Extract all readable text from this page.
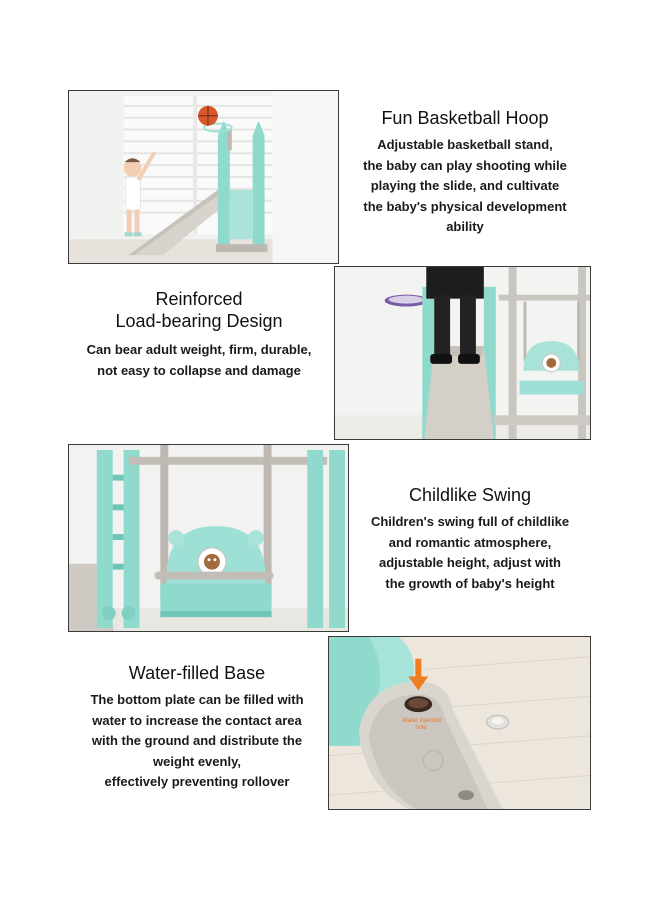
Fun Basketball Hoop

Adjustable basketball stand,
the baby can play shooting while
playing the slide, and cultivate
the baby's physical development
ability

Reinforced
Load-bearing Design

Can bear adult weight, firm, durable,
not easy to collapse and damage

Childlike Swing

Children's swing full of childlike
and romantic atmosphere,
adjustable height, adjust with
the growth of baby's height

Water-filled Base

The bottom plate can be filled with
water to increase the contact area
with the ground and distribute the
weight evenly,
effectively preventing rollover

Water injection
hole
